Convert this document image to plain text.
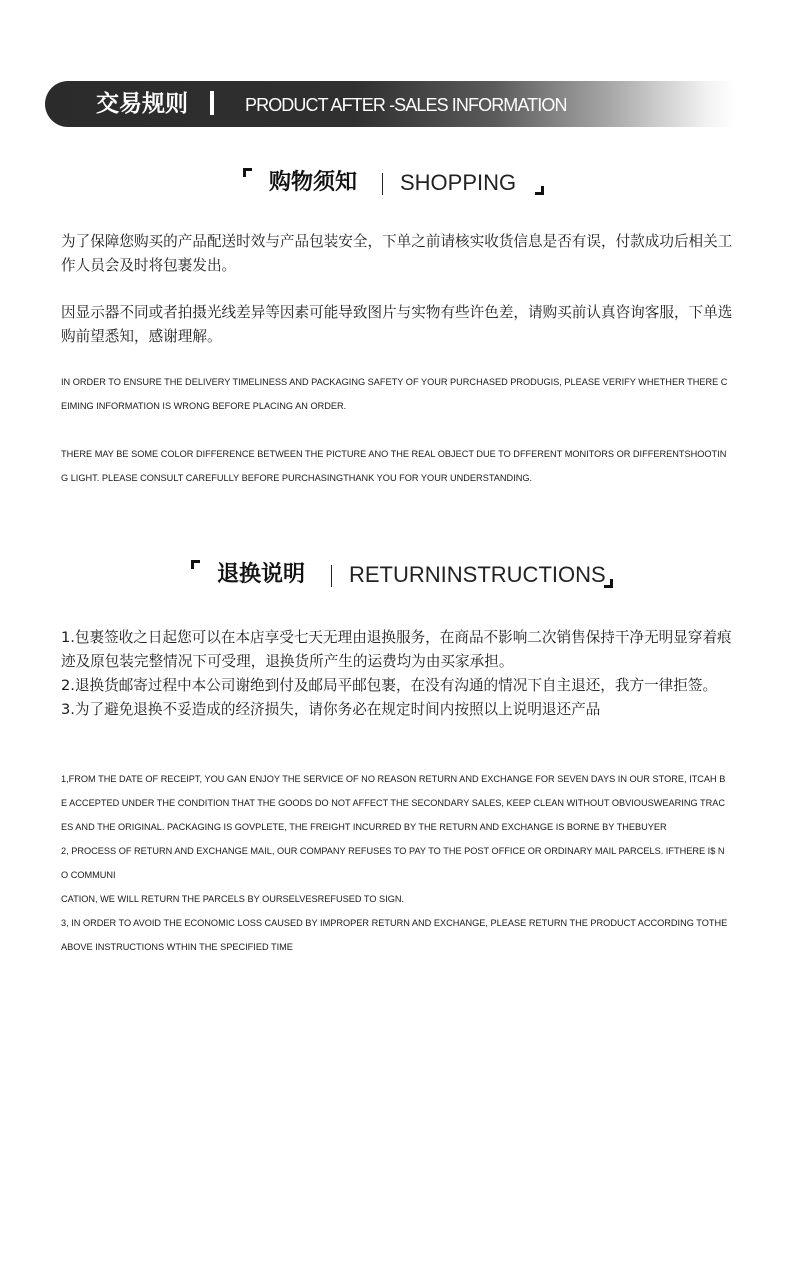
交易规则	PRODUCT AFTER -SALES INFORMATION
购物须知 SHOPPING

为了保障您购买的产品配送时效与产品包装安全，下单之前请核实收货信息是否有误，付款成功后相关工作人员会及时将包裹发出。

因显示器不同或者拍摄光线差异等因素可能导致图片与实物有些许色差，请购买前认真咨询客服，下单选购前望悉知，感谢理解。

IN ORDER TO ENSURE THE DELIVERY TIMELINESS AND PACKAGING SAFETY OF YOUR PURCHASED PRODUGIS, PLEASE VERIFY WHETHER THERE CEIMING INFORMATION IS WRONG BEFORE PLACING AN ORDER.

THERE MAY BE SOME COLOR DIFFERENCE BETWEEN THE PICTURE ANO THE REAL OBJECT DUE TO DFFERENT MONITORS OR DIFFERENTSHOOTING LIGHT. PLEASE CONSULT CAREFULLY BEFORE PURCHASINGTHANK YOU FOR YOUR UNDERSTANDING.

退换说明 RETURNINSTRUCTIONS
1.包裹签收之日起您可以在本店享受七天无理由退换服务，在商品不影响二次销售保持干净无明显穿着痕迹及原包装完整情况下可受理，退换货所产生的运费均为由买家承担。
2.退换货邮寄过程中本公司谢绝到付及邮局平邮包裹，在没有沟通的情况下自主退还，我方一律拒签。
3.为了避免退换不妥造成的经济损失，请你务必在规定时间内按照以上说明退还产品

1,FROM THE DATE OF RECEIPT, YOU GAN ENJOY THE SERVICE OF NO REASON RETURN AND EXCHANGE FOR SEVEN DAYS IN OUR STORE, ITCAH BE ACCEPTED UNDER THE CONDITION THAT THE GOODS DO NOT AFFECT THE SECONDARY SALES, KEEP CLEAN WITHOUT OBVIOUSWEARING TRACES AND THE ORIGINAL. PACKAGING IS GOVPLETE, THE FREIGHT INCURRED BY THE RETURN AND EXCHANGE IS BORNE BY THEBUYER

2, PROCESS OF RETURN AND EXCHANGE MAIL, OUR COMPANY REFUSES TO PAY TO THE POST OFFICE OR ORDINARY MAIL PARCELS. IFTHERE I$ NO COMMUNI

CATION, WE WILL RETURN THE PARCELS BY OURSELVESREFUSED TO SIGN.

3, IN ORDER TO AVOID THE ECONOMIC LOSS CAUSED BY IMPROPER RETURN AND EXCHANGE, PLEASE RETURN THE PRODUCT ACCORDING TOTHE ABOVE INSTRUCTIONS WTHIN THE SPECIFIED TIME
